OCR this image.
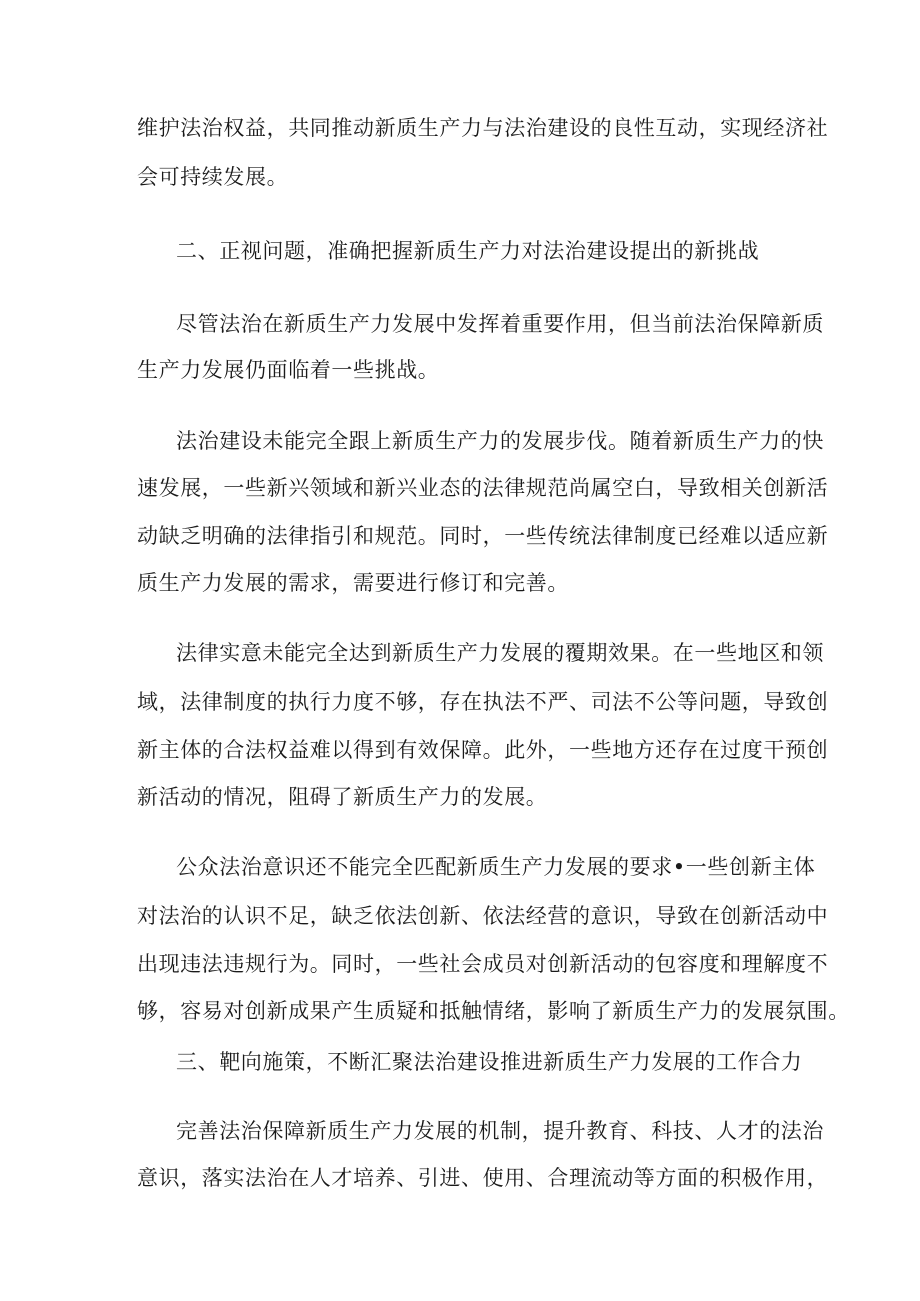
维护法治权益，共同推动新质生产力与法治建设的良性互动，实现经济社

会可持续发展。

二、正视问题，准确把握新质生产力对法治建设提出的新挑战

尽管法治在新质生产力发展中发挥着重要作用，但当前法治保障新质

生产力发展仍面临着一些挑战。

法治建设未能完全跟上新质生产力的发展步伐。随着新质生产力的快

速发展，一些新兴领域和新兴业态的法律规范尚属空白，导致相关创新活

动缺乏明确的法律指引和规范。同时，一些传统法律制度已经难以适应新

质生产力发展的需求，需要进行修订和完善。

法律实意未能完全达到新质生产力发展的覆期效果。在一些地区和领

域，法律制度的执行力度不够，存在执法不严、司法不公等问题，导致创

新主体的合法权益难以得到有效保障。此外，一些地方还存在过度干预创

新活动的情况，阻碍了新质生产力的发展。

公众法治意识还不能完全匹配新质生产力发展的要求•一些创新主体

对法治的认识不足，缺乏依法创新、依法经营的意识，导致在创新活动中

出现违法违规行为。同时，一些社会成员对创新活动的包容度和理解度不

够，容易对创新成果产生质疑和抵触情绪，影响了新质生产力的发展氛围。

三、靶向施策，不断汇聚法治建设推进新质生产力发展的工作合力

完善法治保障新质生产力发展的机制，提升教育、科技、人才的法治

意识，落实法治在人才培养、引进、使用、合理流动等方面的积极作用，
